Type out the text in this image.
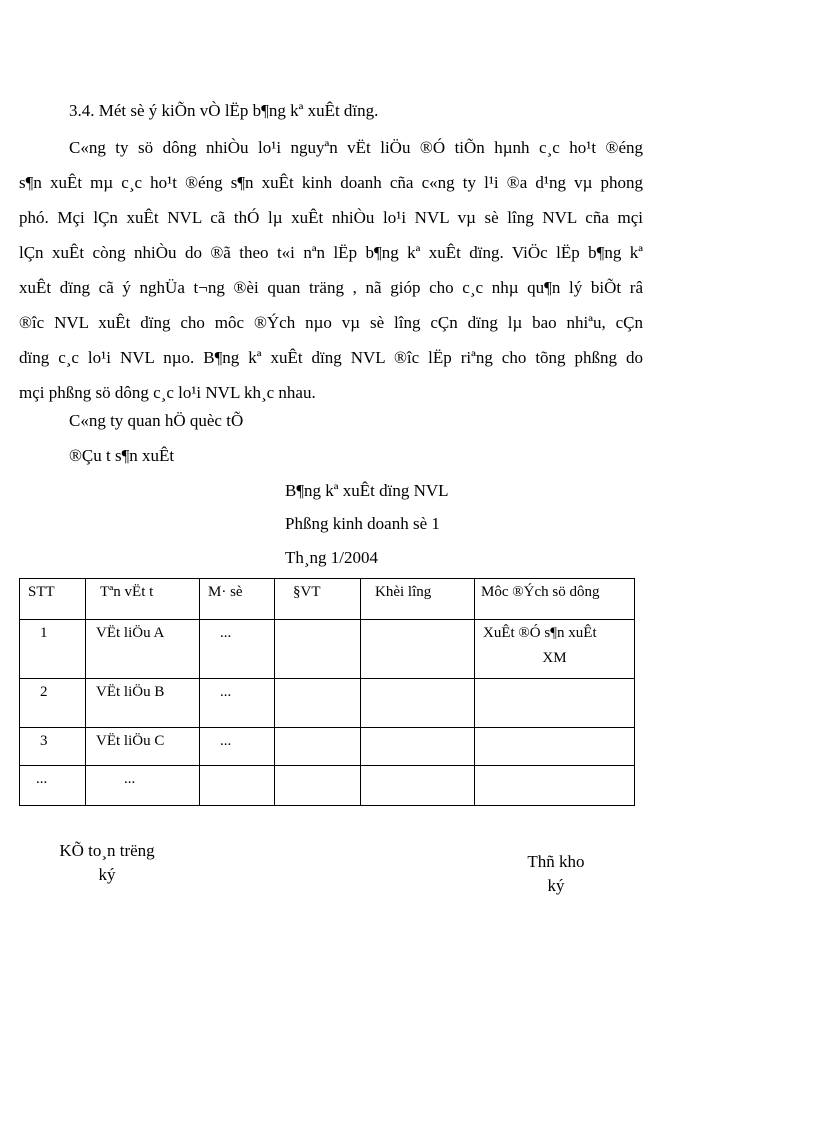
3.4. Mét sè ý kiÕn vÒ lËp b¶ng kª xuÊt dïng.
C«ng ty sö dông nhiÒu lo¹i nguyªn vËt liÖu ®Ó tiÕn hµnh c¸c ho¹t ®éng
s¶n xuÊt mµ c¸c ho¹t ®éng s¶n xuÊt kinh doanh cña c«ng ty l¹i ®a d¹ng vµ phong
phó. Mçi lÇn xuÊt NVL cã thÓ lµ xuÊt nhiÒu lo¹i NVL vµ sè lîng NVL cña mçi
lÇn xuÊt còng nhiÒu do ®ã theo t«i nªn lËp b¶ng kª xuÊt dïng. ViÖc lËp b¶ng kª
xuÊt dïng cã ý nghÜa t¬ng ®èi quan träng , nã gióp cho c¸c nhµ qu¶n lý biÕt râ
®îc NVL xuÊt dïng cho môc ®Ých nµo vµ sè lîng cÇn dïng lµ bao nhiªu, cÇn
dïng c¸c lo¹i NVL nµo. B¶ng kª xuÊt dïng NVL ®îc lËp riªng cho tõng phßng do
mçi phßng sö dông c¸c lo¹i NVL kh¸c nhau.
C«ng ty quan hÖ quèc tÕ
®Çu t s¶n xuÊt
B¶ng kª xuÊt dïng NVL
Phßng kinh doanh sè 1
Th¸ng 1/2004
STT	Tªn vËt t	M· sè	§VT	Khèi lîng	Môc ®Ých sö dông

1	VËt liÖu A	...			XuÊt ®Ó s¶n xuÊt
XM

2	VËt liÖu B	...			

3	VËt liÖu C	...			

...	...				

KÕ to¸n trëng
ký
Thñ kho
ký
